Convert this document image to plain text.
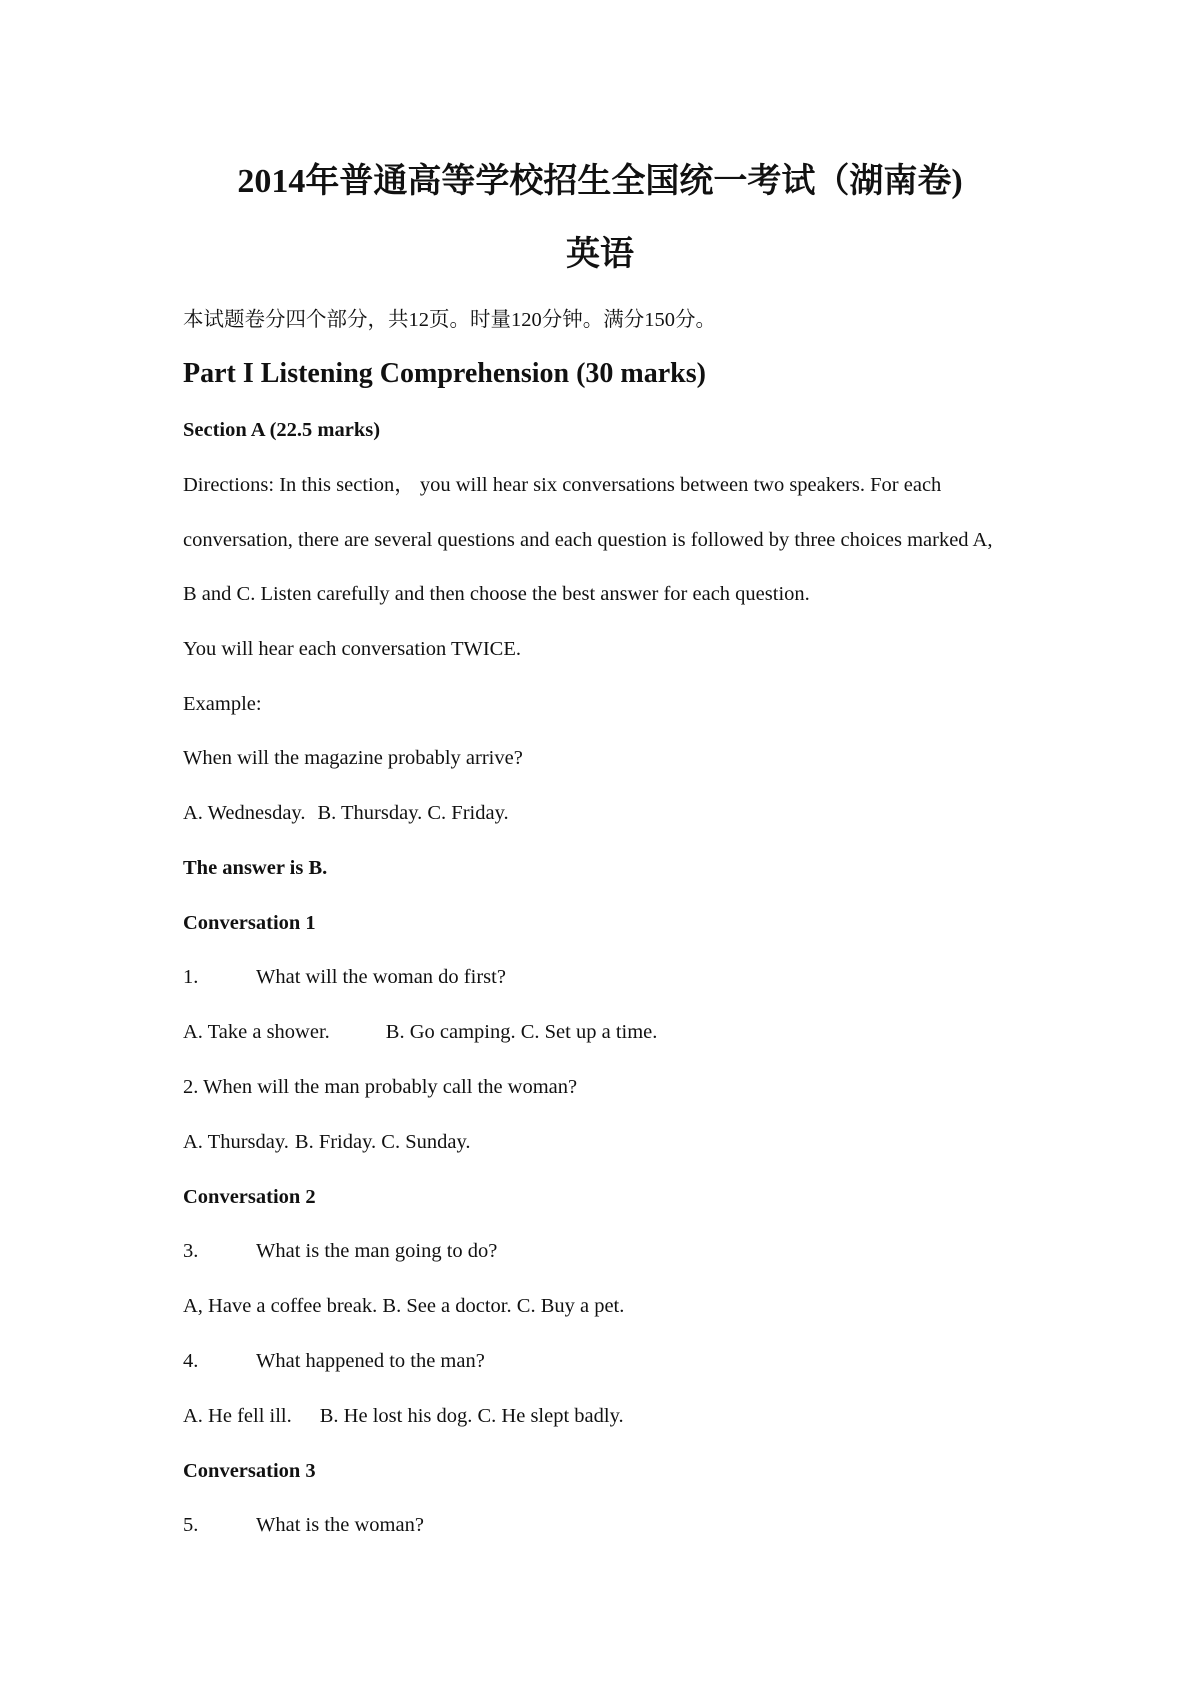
2014年普通高等学校招生全国统一考试（湖南卷)
英语
本试题卷分四个部分，共12页。时量120分钟。满分150分。
Part I Listening Comprehension (30 marks)
Section A (22.5 marks)
Directions: In this section， you will hear six conversations between two speakers. For each
conversation, there are several questions and each question is followed by three choices marked A,
B and C. Listen carefully and then choose the best answer for each question.
You will hear each conversation TWICE.
Example:
When will the magazine probably arrive?
A. Wednesday. B. Thursday. C. Friday.
The answer is B.
Conversation 1
1.	What will the woman do first?
A. Take a shower.	B. Go camping. C. Set up a time.
2. When will the man probably call the woman?
A. Thursday. B. Friday. C. Sunday.
Conversation 2
3.	What is the man going to do?
A, Have a coffee break. B. See a doctor. C. Buy a pet.
4.	What happened to the man?
A. He fell ill. B. He lost his dog. C. He slept badly.
Conversation 3
5.	What is the woman?
